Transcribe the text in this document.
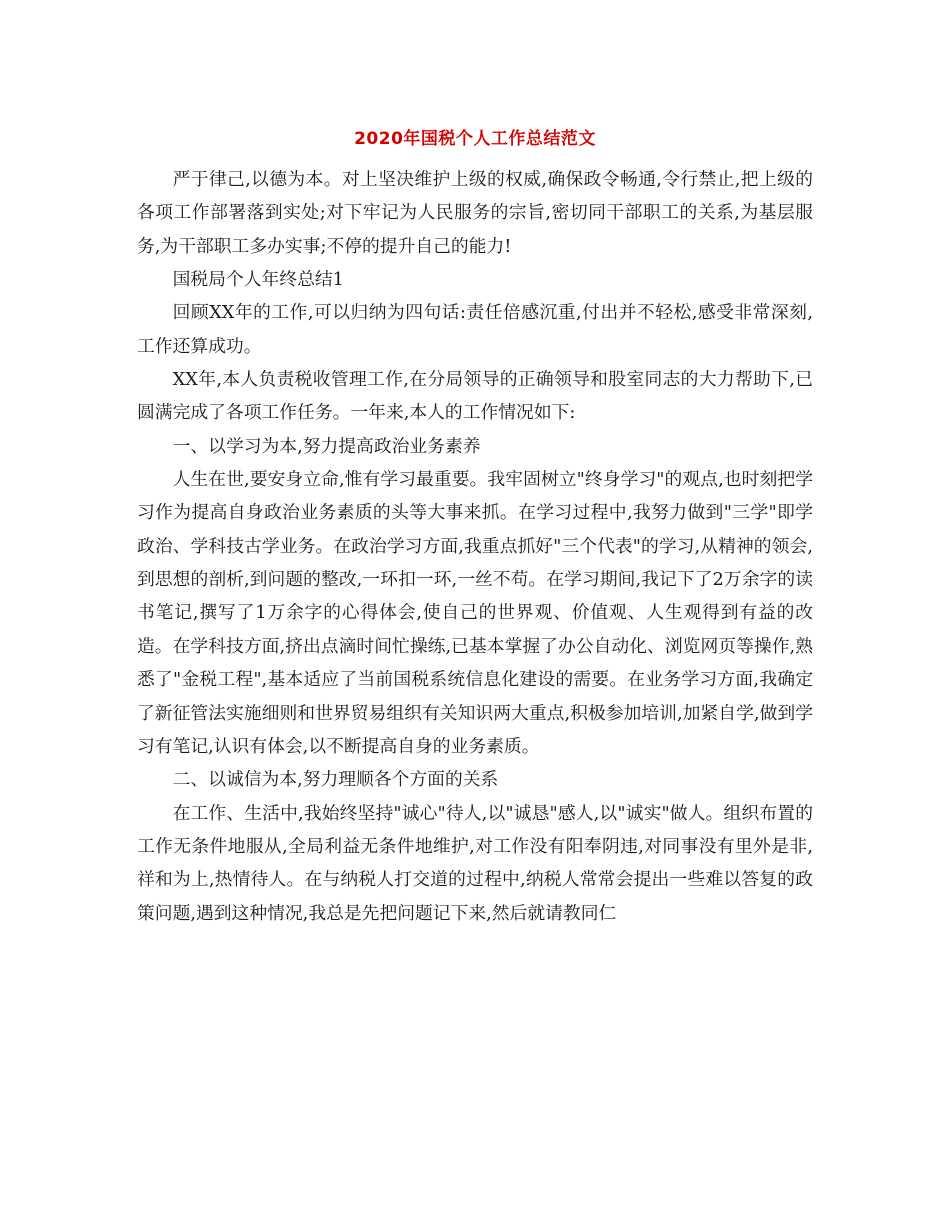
2020年国税个人工作总结范文

严于律己,以德为本。对上坚决维护上级的权威,确保政令畅通,令行禁止,把上级的各项工作部署落到实处;对下牢记为人民服务的宗旨,密切同干部职工的关系,为基层服务,为干部职工多办实事;不停的提升自己的能力!

国税局个人年终总结1

回顾XX年的工作,可以归纳为四句话:责任倍感沉重,付出并不轻松,感受非常深刻,工作还算成功。

XX年,本人负责税收管理工作,在分局领导的正确领导和股室同志的大力帮助下,已圆满完成了各项工作任务。一年来,本人的工作情况如下:

一、以学习为本,努力提高政治业务素养

人生在世,要安身立命,惟有学习最重要。我牢固树立"终身学习"的观点,也时刻把学习作为提高自身政治业务素质的头等大事来抓。在学习过程中,我努力做到"三学"即学政治、学科技古学业务。在政治学习方面,我重点抓好"三个代表"的学习,从精神的领会,到思想的剖析,到问题的整改,一环扣一环,一丝不苟。在学习期间,我记下了2万余字的读书笔记,撰写了1万余字的心得体会,使自己的世界观、价值观、人生观得到有益的改造。在学科技方面,挤出点滴时间忙操练,已基本掌握了办公自动化、浏览网页等操作,熟悉了"金税工程",基本适应了当前国税系统信息化建设的需要。在业务学习方面,我确定了新征管法实施细则和世界贸易组织有关知识两大重点,积极参加培训,加紧自学,做到学习有笔记,认识有体会,以不断提高自身的业务素质。

二、以诚信为本,努力理顺各个方面的关系

在工作、生活中,我始终坚持"诚心"待人,以"诚恳"感人,以"诚实"做人。组织布置的工作无条件地服从,全局利益无条件地维护,对工作没有阳奉阴违,对同事没有里外是非,祥和为上,热情待人。在与纳税人打交道的过程中,纳税人常常会提出一些难以答复的政策问题,遇到这种情况,我总是先把问题记下来,然后就请教同仁
